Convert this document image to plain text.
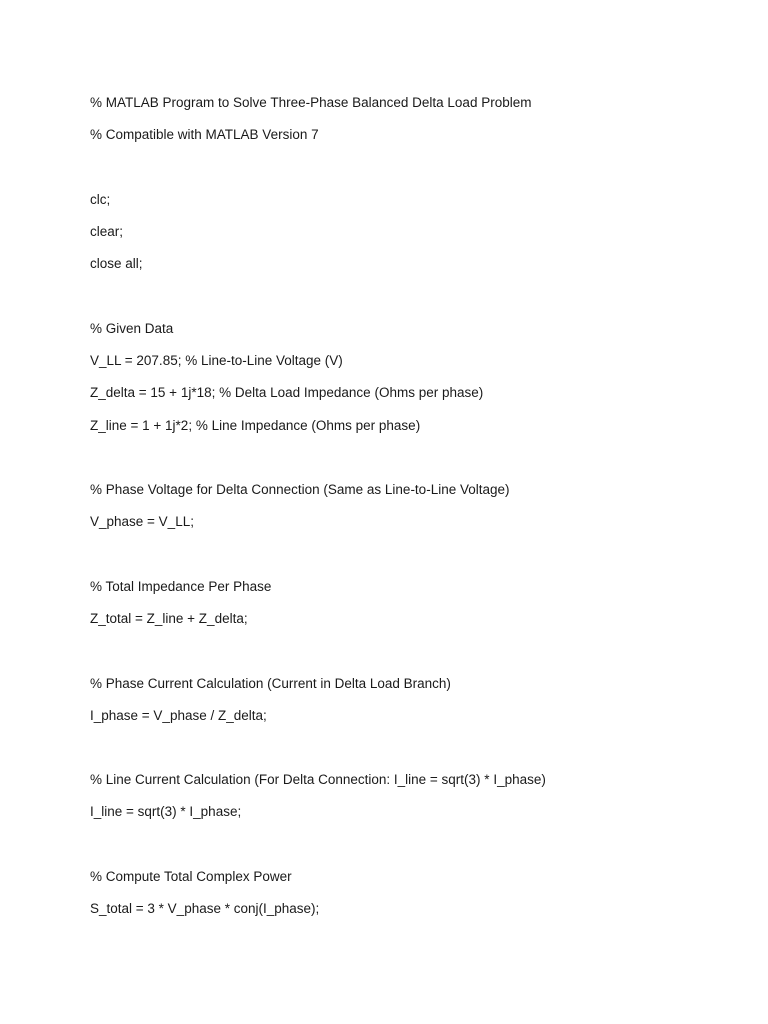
% MATLAB Program to Solve Three-Phase Balanced Delta Load Problem
% Compatible with MATLAB Version 7
clc;
clear;
close all;
% Given Data
V_LL = 207.85; % Line-to-Line Voltage (V)
Z_delta = 15 + 1j*18; % Delta Load Impedance (Ohms per phase)
Z_line = 1 + 1j*2; % Line Impedance (Ohms per phase)
% Phase Voltage for Delta Connection (Same as Line-to-Line Voltage)
V_phase = V_LL;
% Total Impedance Per Phase
Z_total = Z_line + Z_delta;
% Phase Current Calculation (Current in Delta Load Branch)
I_phase = V_phase / Z_delta;
% Line Current Calculation (For Delta Connection: I_line = sqrt(3) * I_phase)
I_line = sqrt(3) * I_phase;
% Compute Total Complex Power
S_total = 3 * V_phase * conj(I_phase);
